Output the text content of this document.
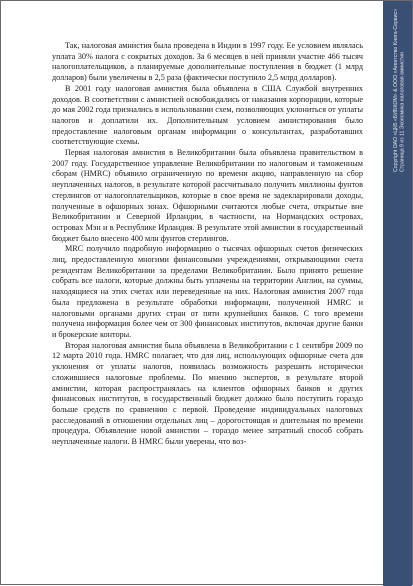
Так, налоговая амнистия была проведена в Индии в 1997 году. Ее условием являлась уплата 30% налога с сокрытых доходов. За 6 месяцев в ней приняли участие 466 тысяч налогоплательщиков, а планируемые дополнительные поступления в бюджет (1 млрд долларов) были увеличены в 2,5 раза (фактически поступило 2,5 млрд долларов).

В 2001 году налоговая амнистия была объявлена в США Службой внутренних доходов. В соответствии с амнистией освобождались от наказания корпорации, которые до мая 2002 года признались в использовании схем, позволяющих уклониться от уплаты налогов и доплатили их. Дополнительным условием амнистирования было предоставление налоговым органам информации о консультантах, разработавших соответствующие схемы.

Первая налоговая амнистия в Великобритании была объявлена правительством в 2007 году. Государственное управление Великобритании по налоговым и таможенным сборам (HMRC) объявило ограниченную по времени акцию, направленную на сбор неуплаченных налогов, в результате которой рассчитывало получить миллионы фунтов стерлингов от налогоплательщиков, которые в свое время не задекларировали доходы, полученные в офшорных зонах. Офшорными считаются любые счета, открытые вне Великобритании и Северной Ирландии, в частности, на Нормандских островах, островах Мэн и в Республике Ирландия. В результате этой амнистии в государственный бюджет было внесено 400 млн фунтов стерлингов.

MRC получило подробную информацию о тысячах офшорных счетов физических лиц, предоставленную многими финансовыми учреждениями, открывающими счета резидентам Великобритании за пределами Великобритании. Было принято решение собрать все налоги, которые должны быть уплачены на территории Англии, на суммы, находящиеся на этих счетах или переведенные на них. Налоговая амнистия 2007 года была предложена в результате обработки информации, полученной HMRC и налоговыми органами других стран от пяти крупнейших банков. С того времени получена информация более чем от 300 финансовых институтов, включая другие банки и брокерские конторы.

Вторая налоговая амнистия была объявлена в Великобритании с 1 сентября 2009 по 12 марта 2010 года. HMRC полагает, что для лиц, использующих офшорные счета для уклонения от уплаты налогов, появилась возможность разрешить исторически сложившиеся налоговые проблемы. По мнению экспертов, в результате второй амнистии, которая распространялась на клиентов офшорных банков и других финансовых институтов, в государственный бюджет должно было поступить гораздо больше средств по сравнению с первой. Проведение индивидуальных налоговых расследований в отношении отдельных лиц – дорогостоящая и длительная по времени процедура. Объявление новой амнистии – гораздо менее затратный способ собрать неуплаченные налоги. В HMRC были уверены, что воз-

Copyright ОАО «ЦКБ «БИБКОМ» & ООО «Aгентство Kнига-Cервис»
Страница 9 из 11 Экономика налоговая амнистия
